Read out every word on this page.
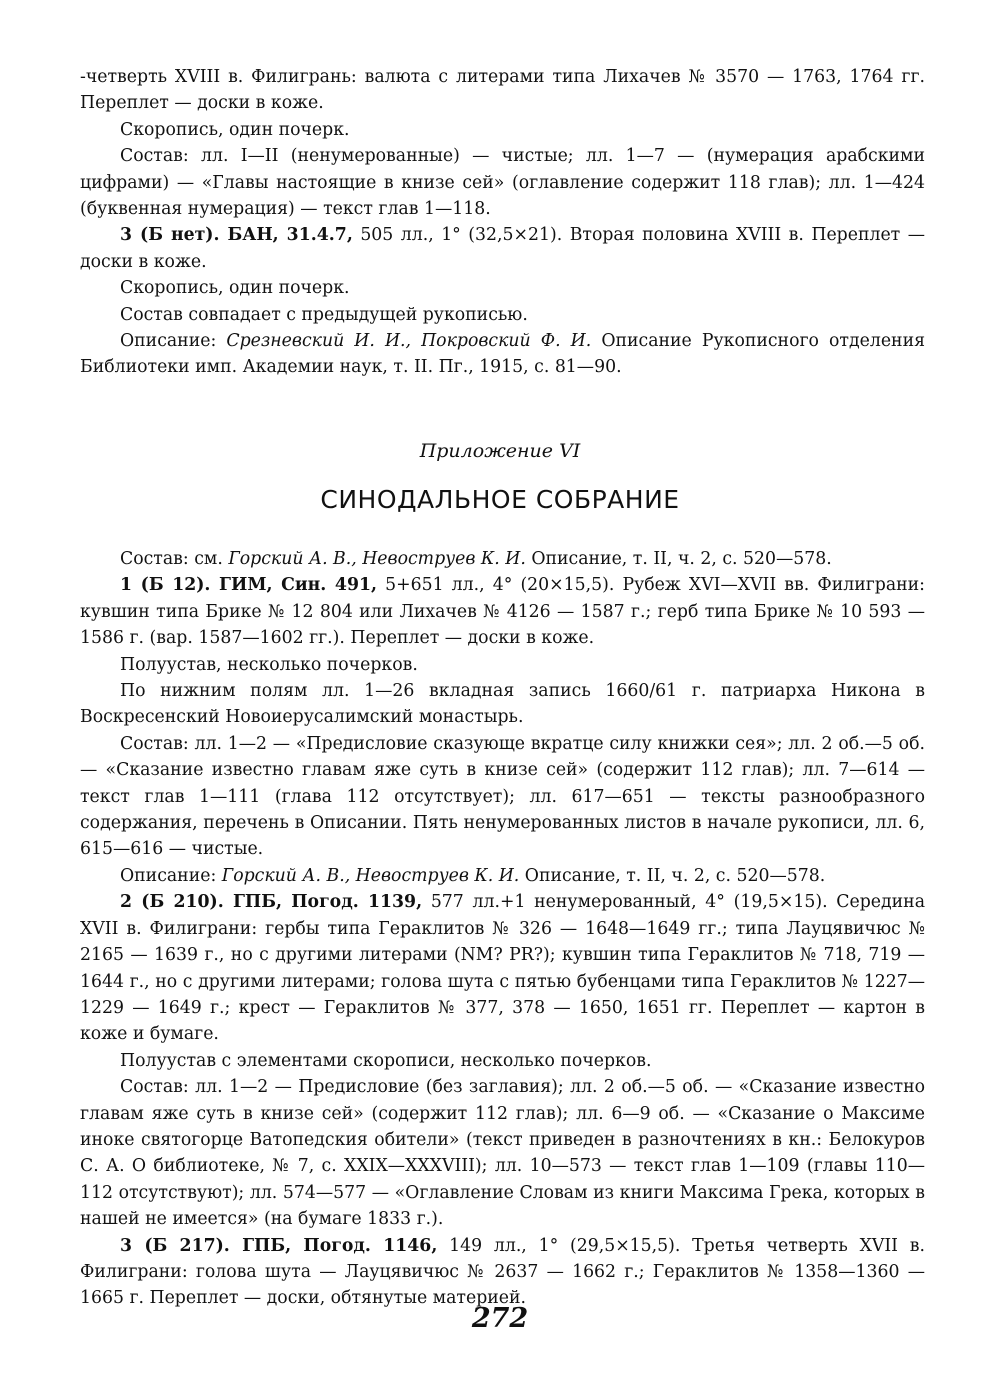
-четверть XVIII в. Филигрань: валюта с литерами типа Лихачев № 3570 — 1763, 1764 гг. Переплет — доски в коже.

Скоропись, один почерк.

Состав: лл. I—II (ненумерованные) — чистые; лл. 1—7 — (нумерация арабскими цифрами) — «Главы настоящие в книзе сей» (оглавление содержит 118 глав); лл. 1—424 (буквенная нумерация) — текст глав 1—118.

3 (Б нет). БАН, 31.4.7, 505 лл., 1° (32,5×21). Вторая половина XVIII в. Переплет — доски в коже.

Скоропись, один почерк.

Состав совпадает с предыдущей рукописью.

Описание: Срезневский И. И., Покровский Ф. И. Описание Рукописного отделения Библиотеки имп. Академии наук, т. II. Пг., 1915, с. 81—90.

Приложение VI
СИНОДАЛЬНОЕ СОБРАНИЕ

Состав: см. Горский А. В., Невоструев К. И. Описание, т. II, ч. 2, с. 520—578.

1 (Б 12). ГИМ, Син. 491, 5+651 лл., 4° (20×15,5). Рубеж XVI—XVII вв. Филиграни: кувшин типа Брике № 12 804 или Лихачев № 4126 — 1587 г.; герб типа Брике № 10 593 — 1586 г. (вар. 1587—1602 гг.). Переплет — доски в коже.

Полуустав, несколько почерков.

По нижним полям лл. 1—26 вкладная запись 1660/61 г. патриарха Никона в Воскресенский Новоиерусалимский монастырь.

Состав: лл. 1—2 — «Предисловие сказующе вкратце силу книжки сея»; лл. 2 об.—5 об. — «Сказание известно главам яже суть в книзе сей» (содержит 112 глав); лл. 7—614 — текст глав 1—111 (глава 112 отсутствует); лл. 617—651 — тексты разнообразного содержания, перечень в Описании. Пять ненумерованных листов в начале рукописи, лл. 6, 615—616 — чистые.

Описание: Горский А. В., Невоструев К. И. Описание, т. II, ч. 2, с. 520—578.

2 (Б 210). ГПБ, Погод. 1139, 577 лл.+1 ненумерованный, 4° (19,5×15). Середина XVII в. Филиграни: гербы типа Гераклитов № 326 — 1648—1649 гг.; типа Лауцявичюс № 2165 — 1639 г., но с другими литерами (NM? PR?); кувшин типа Гераклитов № 718, 719 — 1644 г., но с другими литерами; голова шута с пятью бубенцами типа Гераклитов № 1227—1229 — 1649 г.; крест — Гераклитов № 377, 378 — 1650, 1651 гг. Переплет — картон в коже и бумаге.

Полуустав с элементами скорописи, несколько почерков.

Состав: лл. 1—2 — Предисловие (без заглавия); лл. 2 об.—5 об. — «Сказание известно главам яже суть в книзе сей» (содержит 112 глав); лл. 6—9 об. — «Сказание о Максиме иноке святогорце Ватопедския обители» (текст приведен в разночтениях в кн.: Белокуров С. А. О библиотеке, № 7, с. XXIX—XXXVIII); лл. 10—573 — текст глав 1—109 (главы 110—112 отсутствуют); лл. 574—577 — «Оглавление Словам из книги Максима Грека, которых в нашей не имеется» (на бумаге 1833 г.).

3 (Б 217). ГПБ, Погод. 1146, 149 лл., 1° (29,5×15,5). Третья четверть XVII в. Филиграни: голова шута — Лауцявичюс № 2637 — 1662 г.; Гераклитов № 1358—1360 — 1665 г. Переплет — доски, обтянутые материей.

272
